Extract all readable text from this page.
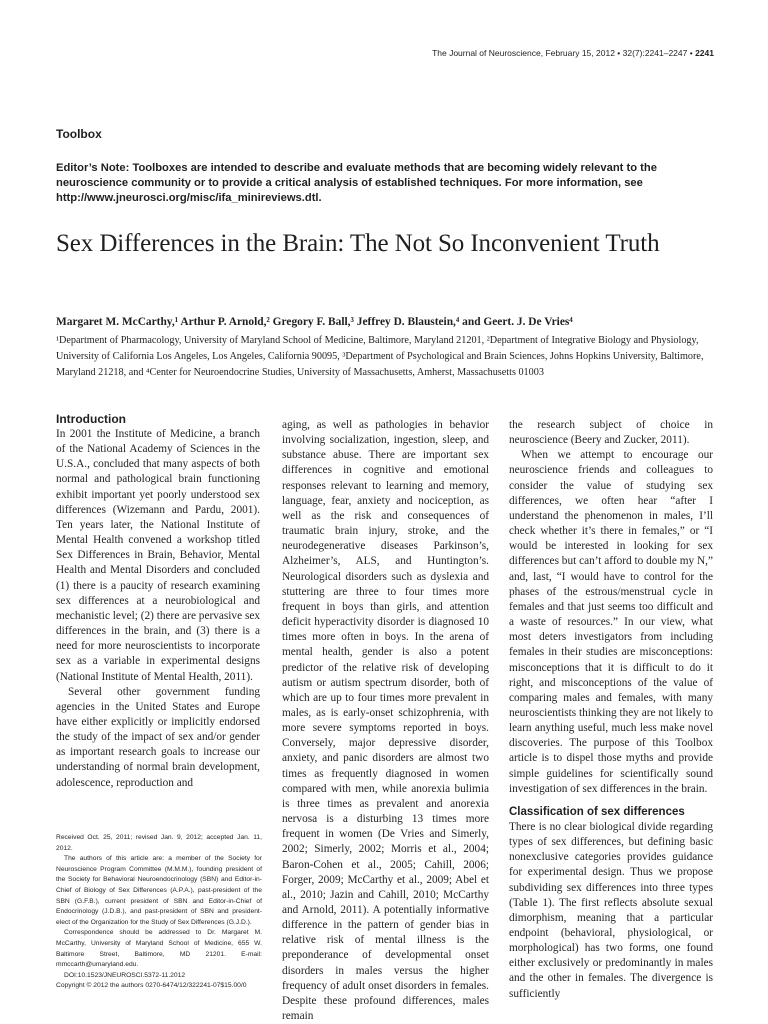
The Journal of Neuroscience, February 15, 2012 • 32(7):2241–2247 • 2241
Toolbox
Editor’s Note: Toolboxes are intended to describe and evaluate methods that are becoming widely relevant to the neuroscience community or to provide a critical analysis of established techniques. For more information, see http://www.jneurosci.org/misc/ifa_minireviews.dtl.
Sex Differences in the Brain: The Not So Inconvenient Truth
Margaret M. McCarthy,¹ Arthur P. Arnold,² Gregory F. Ball,³ Jeffrey D. Blaustein,⁴ and Geert. J. De Vries⁴
¹Department of Pharmacology, University of Maryland School of Medicine, Baltimore, Maryland 21201, ²Department of Integrative Biology and Physiology, University of California Los Angeles, Los Angeles, California 90095, ³Department of Psychological and Brain Sciences, Johns Hopkins University, Baltimore, Maryland 21218, and ⁴Center for Neuroendocrine Studies, University of Massachusetts, Amherst, Massachusetts 01003
Introduction

In 2001 the Institute of Medicine, a branch of the National Academy of Sciences in the U.S.A., concluded that many aspects of both normal and pathological brain functioning exhibit important yet poorly understood sex differences (Wizemann and Pardu, 2001). Ten years later, the National Institute of Mental Health convened a workshop titled Sex Differences in Brain, Behavior, Mental Health and Mental Disorders and concluded (1) there is a paucity of research examining sex differences at a neurobiological and mechanistic level; (2) there are pervasive sex differences in the brain, and (3) there is a need for more neuroscientists to incorporate sex as a variable in experimental designs (National Institute of Mental Health, 2011).

Several other government funding agencies in the United States and Europe have either explicitly or implicitly endorsed the study of the impact of sex and/or gender as important research goals to increase our understanding of normal brain development, adolescence, reproduction and

aging, as well as pathologies in behavior involving socialization, ingestion, sleep, and substance abuse. There are important sex differences in cognitive and emotional responses relevant to learning and memory, language, fear, anxiety and nociception, as well as the risk and consequences of traumatic brain injury, stroke, and the neurodegenerative diseases Parkinson’s, Alzheimer’s, ALS, and Huntington’s. Neurological disorders such as dyslexia and stuttering are three to four times more frequent in boys than girls, and attention deficit hyperactivity disorder is diagnosed 10 times more often in boys. In the arena of mental health, gender is also a potent predictor of the relative risk of developing autism or autism spectrum disorder, both of which are up to four times more prevalent in males, as is early-onset schizophrenia, with more severe symptoms reported in boys. Conversely, major depressive disorder, anxiety, and panic disorders are almost two times as frequently diagnosed in women compared with men, while anorexia bulimia is three times as prevalent and anorexia nervosa is a disturbing 13 times more frequent in women (De Vries and Simerly, 2002; Simerly, 2002; Morris et al., 2004; Baron-Cohen et al., 2005; Cahill, 2006; Forger, 2009; McCarthy et al., 2009; Abel et al., 2010; Jazin and Cahill, 2010; McCarthy and Arnold, 2011). A potentially informative difference in the pattern of gender bias in relative risk of mental illness is the preponderance of developmental onset disorders in males versus the higher frequency of adult onset disorders in females. Despite these profound differences, males remain

the research subject of choice in neuroscience (Beery and Zucker, 2011).

When we attempt to encourage our neuroscience friends and colleagues to consider the value of studying sex differences, we often hear “after I understand the phenomenon in males, I’ll check whether it’s there in females,” or “I would be interested in looking for sex differences but can’t afford to double my N,” and, last, “I would have to control for the phases of the estrous/menstrual cycle in females and that just seems too difficult and a waste of resources.” In our view, what most deters investigators from including females in their studies are misconceptions: misconceptions that it is difficult to do it right, and misconceptions of the value of comparing males and females, with many neuroscientists thinking they are not likely to learn anything useful, much less make novel discoveries. The purpose of this Toolbox article is to dispel those myths and provide simple guidelines for scientifically sound investigation of sex differences in the brain.

Classification of sex differences

There is no clear biological divide regarding types of sex differences, but defining basic nonexclusive categories provides guidance for experimental design. Thus we propose subdividing sex differences into three types (Table 1). The first reflects absolute sexual dimorphism, meaning that a particular endpoint (behavioral, physiological, or morphological) has two forms, one found either exclusively or predominantly in males and the other in females. The divergence is sufficiently

Received Oct. 25, 2011; revised Jan. 9, 2012; accepted Jan. 11, 2012.

The authors of this article are: a member of the Society for Neuroscience Program Committee (M.M.M.), founding president of the Society for Behavioral Neuroendocrinology (SBN) and Editor-in-Chief of Biology of Sex Differences (A.P.A.), past-president of the SBN (G.F.B.), current president of SBN and Editor-in-Chief of Endocrinology (J.D.B.), and past-president of SBN and president-elect of the Organization for the Study of Sex Differences (G.J.D.).

Correspondence should be addressed to Dr. Margaret M. McCarthy, University of Maryland School of Medicine, 655 W. Baltimore Street, Baltimore, MD 21201. E-mail: mmccarth@umaryland.edu.

DOI:10.1523/JNEUROSCI.5372-11.2012

Copyright © 2012 the authors 0270-6474/12/322241-07$15.00/0
